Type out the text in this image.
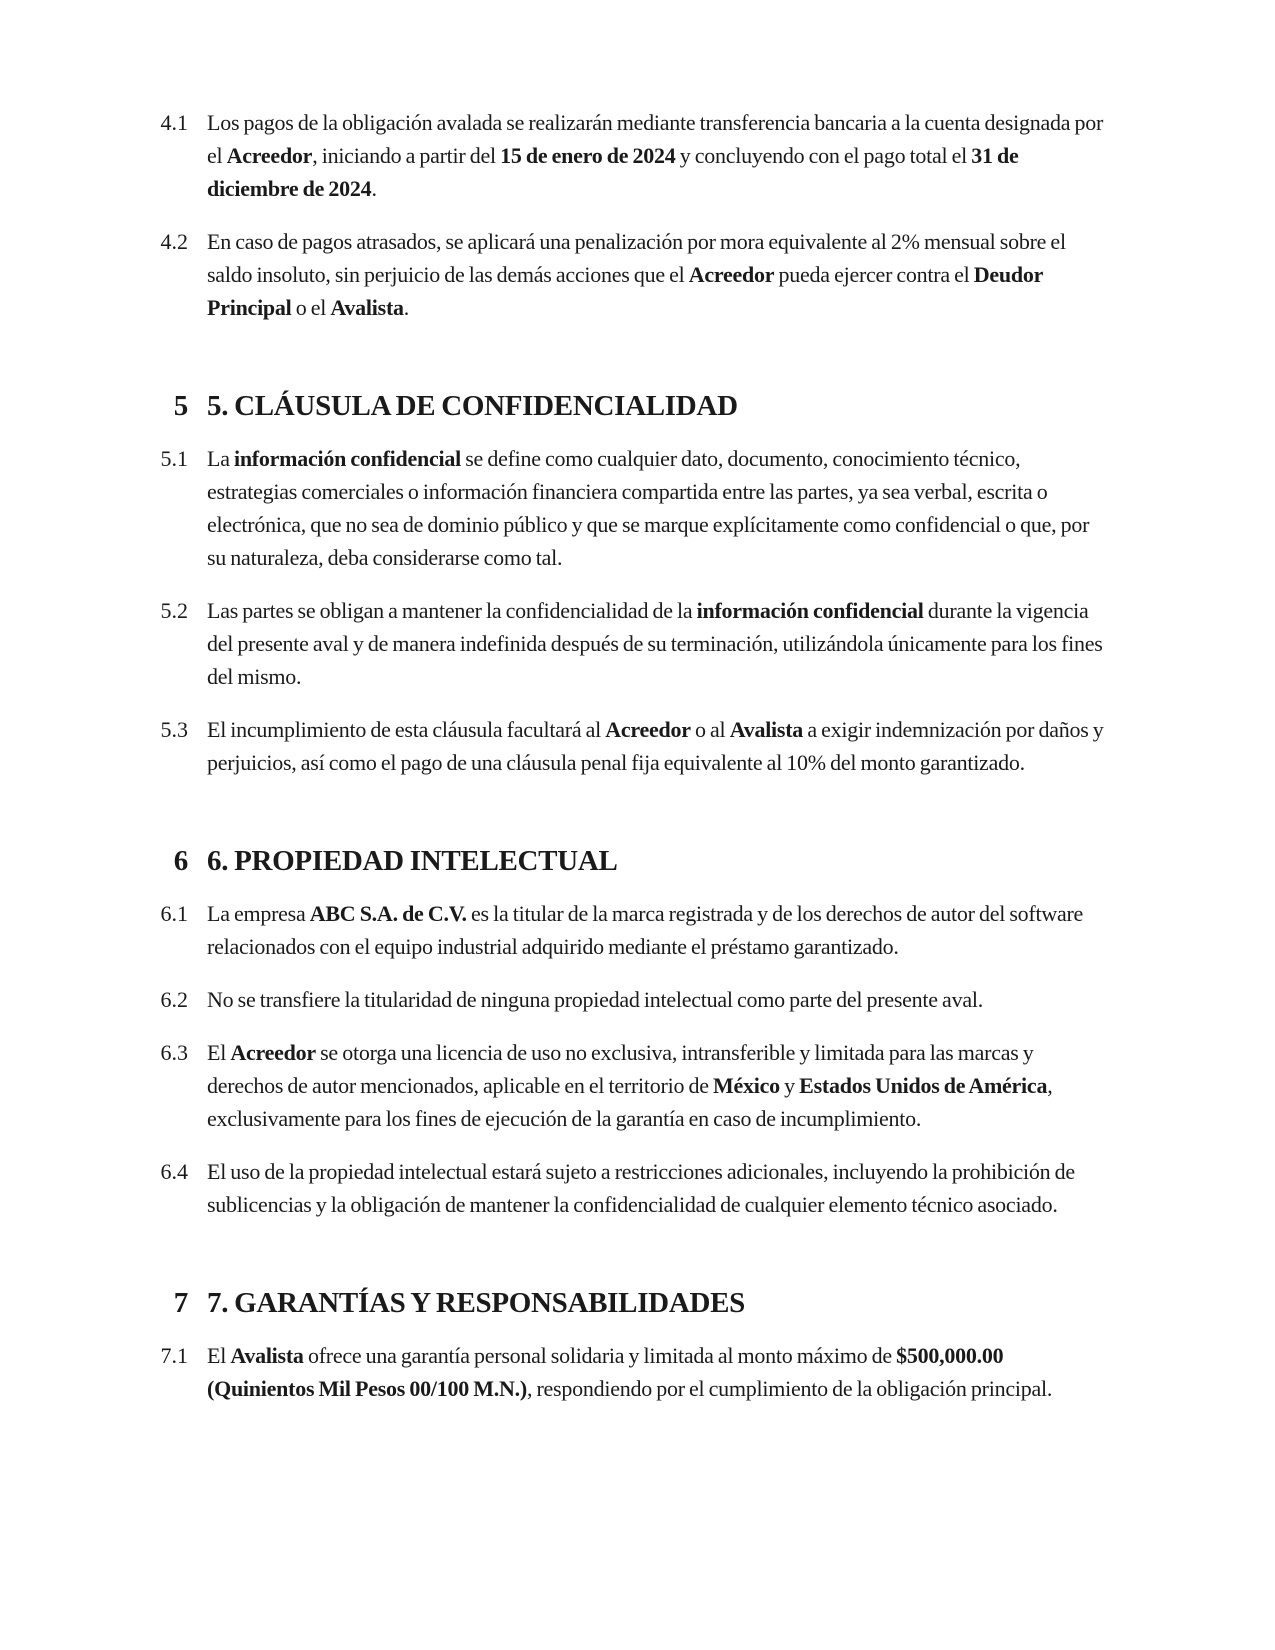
4.1 Los pagos de la obligación avalada se realizarán mediante transferencia bancaria a la cuenta designada por el Acreedor, iniciando a partir del 15 de enero de 2024 y concluyendo con el pago total el 31 de diciembre de 2024.
4.2 En caso de pagos atrasados, se aplicará una penalización por mora equivalente al 2% mensual sobre el saldo insoluto, sin perjuicio de las demás acciones que el Acreedor pueda ejercer contra el Deudor Principal o el Avalista.
5 5. CLÁUSULA DE CONFIDENCIALIDAD
5.1 La información confidencial se define como cualquier dato, documento, conocimiento técnico, estrategias comerciales o información financiera compartida entre las partes, ya sea verbal, escrita o electrónica, que no sea de dominio público y que se marque explícitamente como confidencial o que, por su naturaleza, deba considerarse como tal.
5.2 Las partes se obligan a mantener la confidencialidad de la información confidencial durante la vigencia del presente aval y de manera indefinida después de su terminación, utilizándola únicamente para los fines del mismo.
5.3 El incumplimiento de esta cláusula facultará al Acreedor o al Avalista a exigir indemnización por daños y perjuicios, así como el pago de una cláusula penal fija equivalente al 10% del monto garantizado.
6 6. PROPIEDAD INTELECTUAL
6.1 La empresa ABC S.A. de C.V. es la titular de la marca registrada y de los derechos de autor del software relacionados con el equipo industrial adquirido mediante el préstamo garantizado.
6.2 No se transfiere la titularidad de ninguna propiedad intelectual como parte del presente aval.
6.3 El Acreedor se otorga una licencia de uso no exclusiva, intransferible y limitada para las marcas y derechos de autor mencionados, aplicable en el territorio de México y Estados Unidos de América, exclusivamente para los fines de ejecución de la garantía en caso de incumplimiento.
6.4 El uso de la propiedad intelectual estará sujeto a restricciones adicionales, incluyendo la prohibición de sublicencias y la obligación de mantener la confidencialidad de cualquier elemento técnico asociado.
7 7. GARANTÍAS Y RESPONSABILIDADES
7.1 El Avalista ofrece una garantía personal solidaria y limitada al monto máximo de $500,000.00 (Quinientos Mil Pesos 00/100 M.N.), respondiendo por el cumplimiento de la obligación principal.
